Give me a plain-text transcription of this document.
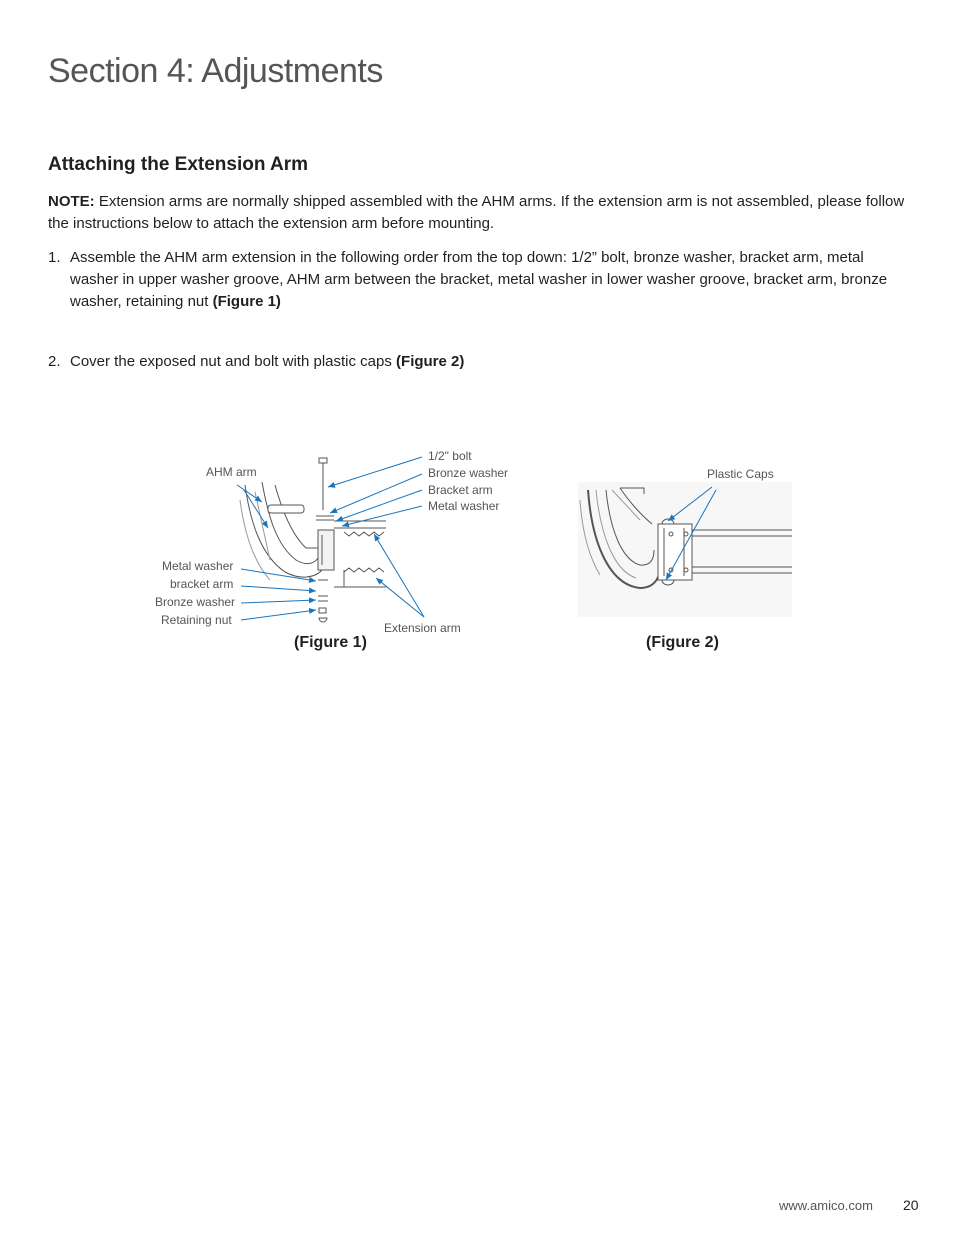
Section 4: Adjustments
Attaching the Extension Arm
NOTE: Extension arms are normally shipped assembled with the AHM arms. If the extension arm is not assembled, please follow the instructions below to attach the extension arm before mounting.
1. Assemble the AHM arm extension in the following order from the top down: 1/2” bolt, bronze washer, bracket arm, metal washer in upper washer groove, AHM arm between the bracket, metal washer in lower washer groove, bracket arm, bronze washer, retaining nut (Figure 1)
2. Cover the exposed nut and bolt with plastic caps (Figure 2)
AHM arm
1/2" bolt
Bronze washer
Bracket arm
Metal washer
Metal washer
bracket arm
Bronze washer
Retaining nut
Extension arm
Plastic Caps
(Figure 1)	(Figure 2)
www.amico.com 20
